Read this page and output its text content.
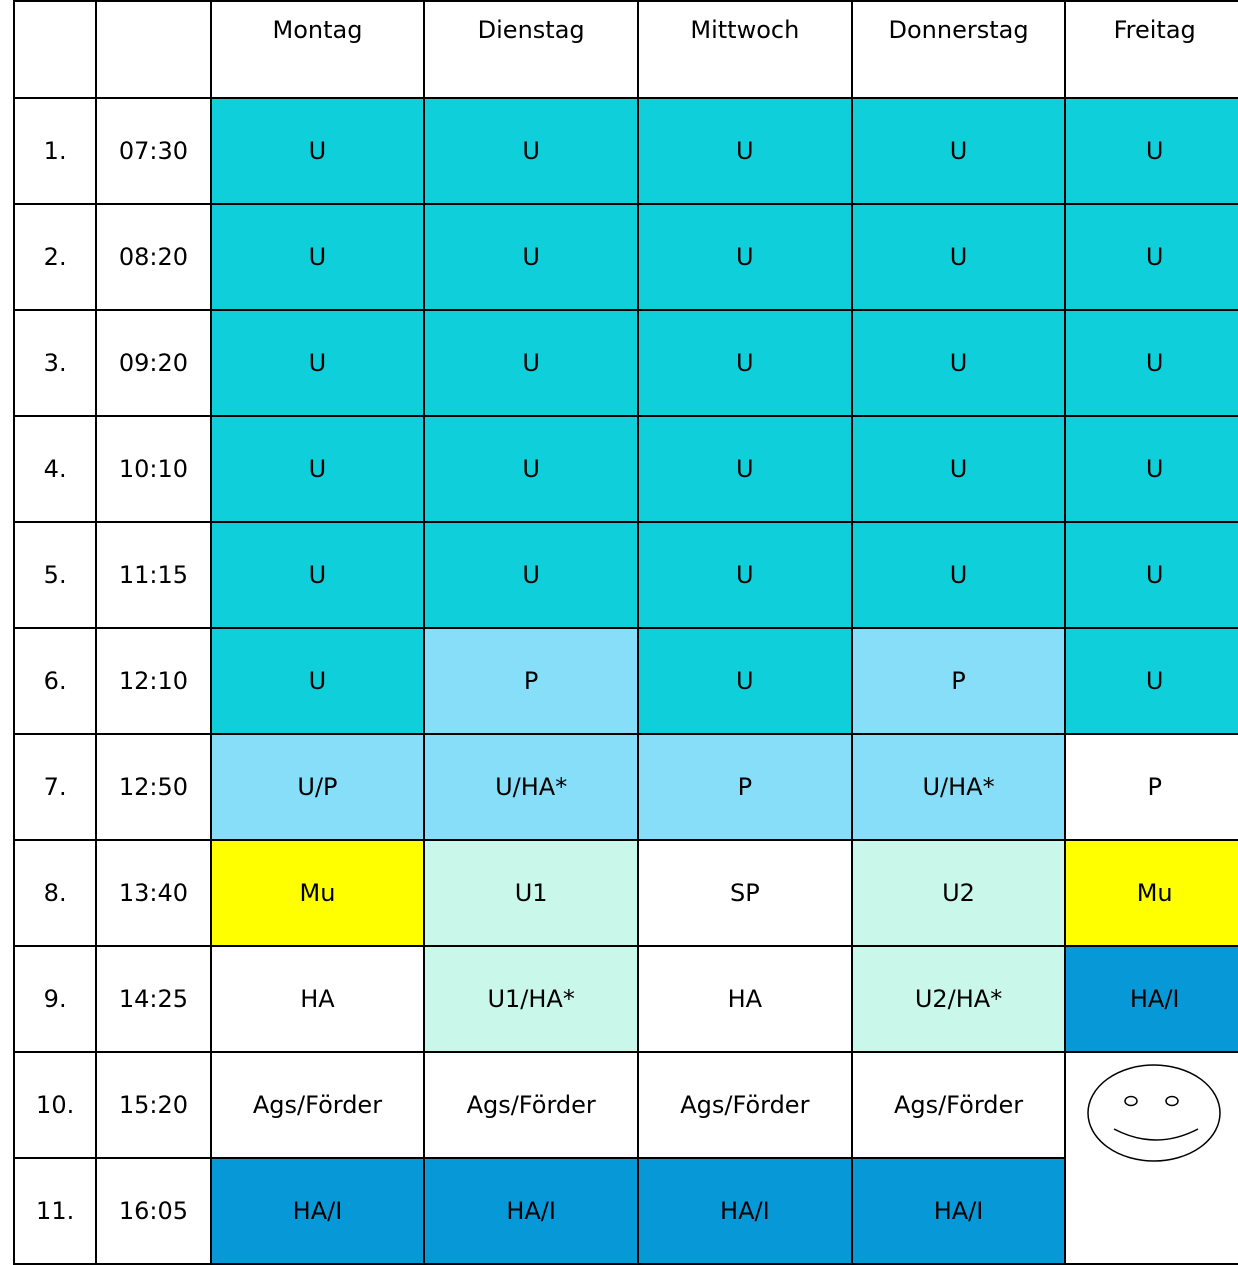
		Montag	Dienstag	Mittwoch	Donnerstag	Freitag
1.	07:30	U	U	U	U	U
2.	08:20	U	U	U	U	U
3.	09:20	U	U	U	U	U
4.	10:10	U	U	U	U	U
5.	11:15	U	U	U	U	U
6.	12:10	U	P	U	P	U
7.	12:50	U/P	U/HA*	P	U/HA*	P
8.	13:40	Mu	U1	SP	U2	Mu
9.	14:25	HA	U1/HA*	HA	U2/HA*	HA/I
10.	15:20	Ags/Förder	Ags/Förder	Ags/Förder	Ags/Förder	

11.	16:05	HA/I	HA/I	HA/I	HA/I	
